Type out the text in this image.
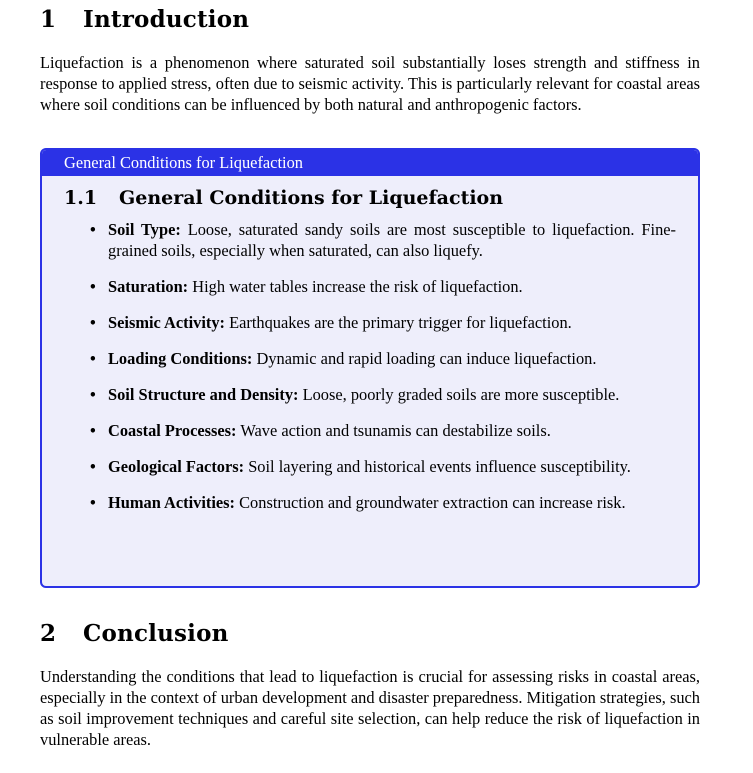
1	Introduction

Liquefaction is a phenomenon where saturated soil substantially loses strength and stiffness in response to applied stress, often due to seismic activity. This is particularly relevant for coastal areas where soil conditions can be influenced by both natural and anthropogenic factors.

General Conditions for Liquefaction
1.1	General Conditions for Liquefaction
• Soil Type: Loose, saturated sandy soils are most susceptible to liquefaction. Fine-grained soils, especially when saturated, can also liquefy.
• Saturation: High water tables increase the risk of liquefaction.
• Seismic Activity: Earthquakes are the primary trigger for liquefaction.
• Loading Conditions: Dynamic and rapid loading can induce liquefaction.
• Soil Structure and Density: Loose, poorly graded soils are more susceptible.
• Coastal Processes: Wave action and tsunamis can destabilize soils.
• Geological Factors: Soil layering and historical events influence susceptibility.
• Human Activities: Construction and groundwater extraction can increase risk.
2	Conclusion

Understanding the conditions that lead to liquefaction is crucial for assessing risks in coastal areas, especially in the context of urban development and disaster preparedness. Mitigation strategies, such as soil improvement techniques and careful site selection, can help reduce the risk of liquefaction in vulnerable areas.
